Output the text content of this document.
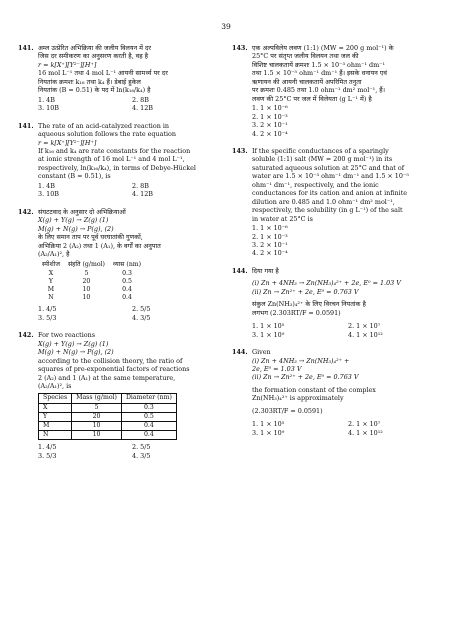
39
141. अम्ल उत्प्रेरित अभिक्रिया की जलीय विलयन में दर
जिस दर समीकरण का अनुसरण करती है, वह है
r = k[X⁺][Y²⁻][H⁺]
16 mol L⁻¹ तथा 4 mol L⁻¹ आयनी सामर्थ्य पर दर
नियतांक क्रमशः k₁₆ तथा k₄ हैं। डेबाई हुकेल
नियतांक (B = 0.51) के पद में ln(k₁₆/k₄) है
1. 4B	2. 8B
3. 10B	4. 12B
141. The rate of an acid-catalyzed reaction in
aqueous solution follows the rate equation
r = k[X⁺][Y²⁻][H⁺]
If k₁₆ and k₄ are rate constants for the reaction
at ionic strength of 16 mol L⁻¹ and 4 mol L⁻¹,
respectively, ln(k₁₆/k₄), in terms of Debye-Hückel
constant (B = 0.51), is
1. 4B	2. 8B
3. 10B	4. 12B
142. संघटटवाद के अनुसार दो अभिक्रियाओं
X(g) + Y(g) → Z(g) (1)
M(g) + N(g) → P(g), (2)
के लिए समान ताप पर पूर्व घरघातांकी गुणकों,
अभिक्रिया 2 (A₂) तथा 1 (A₁), के वर्गों का अनुपात
(A₂/A₁)², है
स्पीशीज	संहति (g/mol)	व्यास (nm)
X	5	0.3
Y	20	0.5
M	10	0.4
N	10	0.4
1. 4/5	2. 5/5
3. 5/3	4. 3/5
142. For two reactions
X(g) + Y(g) → Z(g) (1)
M(g) + N(g) → P(g), (2)
according to the collision theory, the ratio of
squares of pre-exponential factors of reactions
2 (A₂) and 1 (A₁) at the same temperature,
(A₂/A₁)², is
Species	Mass (g/mol)	Diameter (nm)
X	5	0.3
Y	20	0.5
M	10	0.4
N	10	0.4
1. 4/5	2. 5/5
3. 5/3	4. 3/5
143. एक अल्पविलेय लवण (1:1) (MW = 200 g mol⁻¹) के
25°C पर संतृप्त जलीय विलयन तथा जल की
विशिष्ट चालकतायें क्रमशः 1.5 × 10⁻³ ohm⁻¹ dm⁻¹
तथा 1.5 × 10⁻⁵ ohm⁻¹ dm⁻¹ हैं। इसके धनायन एवं
ऋणायन की आयनी चालकतायें अपरिमित तनुता
पर क्रमशः 0.485 तथा 1.0 ohm⁻¹ dm² mol⁻¹, हैं।
लवण की 25°C पर जल में विलेयता (g L⁻¹ में) है
1. 1 × 10⁻⁶
2. 1 × 10⁻³
3. 2 × 10⁻¹
4. 2 × 10⁻⁴
143. If the specific conductances of a sparingly
soluble (1:1) salt (MW = 200 g mol⁻¹) in its
saturated aqueous solution at 25°C and that of
water are 1.5 × 10⁻³ ohm⁻¹ dm⁻¹ and 1.5 × 10⁻⁵
ohm⁻¹ dm⁻¹, respectively, and the ionic
conductances for its cation and anion at infinite
dilution are 0.485 and 1.0 ohm⁻¹ dm² mol⁻¹,
respectively, the solubility (in g L⁻¹) of the salt
in water at 25°C is
1. 1 × 10⁻⁶
2. 1 × 10⁻³
3. 2 × 10⁻¹
4. 2 × 10⁻⁴
144. दिया गया है
(i) Zn + 4NH₃ → Zn(NH₃)₄²⁺ + 2e, E⁰ = 1.03 V
(ii) Zn → Zn²⁺ + 2e, E⁰ = 0.763 V
संकुल Zn(NH₃)₄²⁺ के लिए विरचन नियतांक है
लगभग (2.303RT/F = 0.0591)
1. 1 × 10⁵	2. 1 × 10⁷
3. 1 × 10⁹	4. 1 × 10¹²
144. Given
(i) Zn + 4NH₃ → Zn(NH₃)₄²⁺ +
2e, E⁰ = 1.03 V
(ii) Zn → Zn²⁺ + 2e, E⁰ = 0.763 V
the formation constant of the complex
Zn(NH₃)₄²⁺ is approximately
(2.303RT/F = 0.0591)
1. 1 × 10⁵	2. 1 × 10⁷
3. 1 × 10⁹	4. 1 × 10¹²
